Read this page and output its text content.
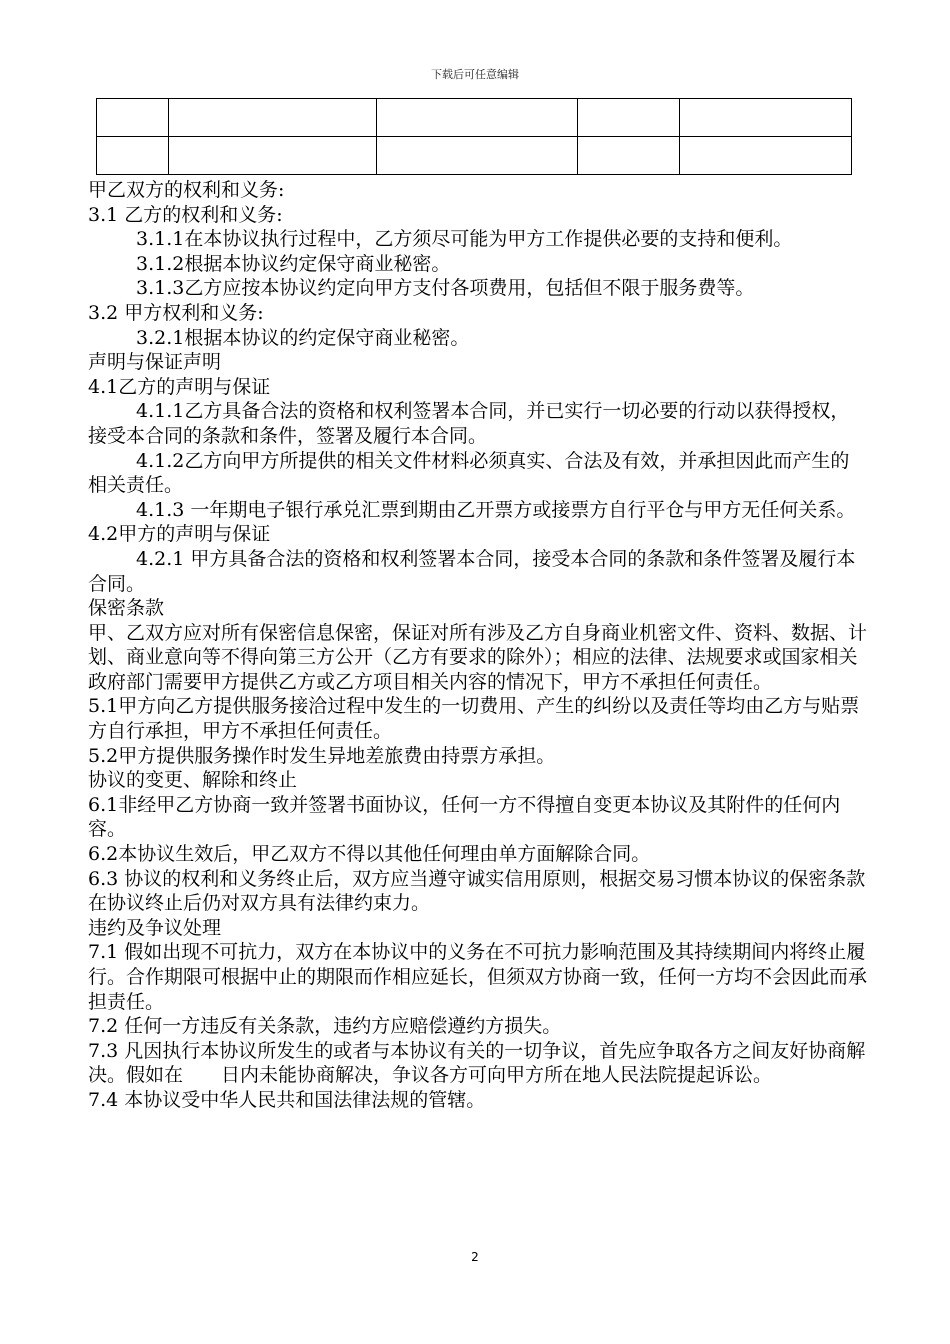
下载后可任意编辑

甲乙双方的权利和义务:

3.1 乙方的权利和义务:

3.1.1在本协议执行过程中，乙方须尽可能为甲方工作提供必要的支持和便利。

3.1.2根据本协议约定保守商业秘密。

3.1.3乙方应按本协议约定向甲方支付各项费用，包括但不限于服务费等。

3.2 甲方权利和义务:

3.2.1根据本协议的约定保守商业秘密。

声明与保证声明

4.1乙方的声明与保证

4.1.1乙方具备合法的资格和权利签署本合同，并已实行一切必要的行动以获得授权，接受本合同的条款和条件，签署及履行本合同。

4.1.2乙方向甲方所提供的相关文件材料必须真实、合法及有效，并承担因此而产生的相关责任。

4.1.3 一年期电子银行承兑汇票到期由乙开票方或接票方自行平仓与甲方无任何关系。

4.2甲方的声明与保证

4.2.1 甲方具备合法的资格和权利签署本合同，接受本合同的条款和条件签署及履行本合同。

保密条款

甲、乙双方应对所有保密信息保密，保证对所有涉及乙方自身商业机密文件、资料、数据、计划、商业意向等不得向第三方公开（乙方有要求的除外）；相应的法律、法规要求或国家相关政府部门需要甲方提供乙方或乙方项目相关内容的情况下，甲方不承担任何责任。

5.1甲方向乙方提供服务接洽过程中发生的一切费用、产生的纠纷以及责任等均由乙方与贴票方自行承担，甲方不承担任何责任。

5.2甲方提供服务操作时发生异地差旅费由持票方承担。

协议的变更、解除和终止

6.1非经甲乙方协商一致并签署书面协议，任何一方不得擅自变更本协议及其附件的任何内容。

6.2本协议生效后，甲乙双方不得以其他任何理由单方面解除合同。

6.3 协议的权利和义务终止后，双方应当遵守诚实信用原则，根据交易习惯本协议的保密条款在协议终止后仍对双方具有法律约束力。

违约及争议处理

7.1 假如出现不可抗力，双方在本协议中的义务在不可抗力影响范围及其持续期间内将终止履行。合作期限可根据中止的期限而作相应延长，但须双方协商一致，任何一方均不会因此而承担责任。

7.2 任何一方违反有关条款，违约方应赔偿遵约方损失。

7.3 凡因执行本协议所发生的或者与本协议有关的一切争议，首先应争取各方之间友好协商解决。假如在　　日内未能协商解决，争议各方可向甲方所在地人民法院提起诉讼。

7.4 本协议受中华人民共和国法律法规的管辖。

2
